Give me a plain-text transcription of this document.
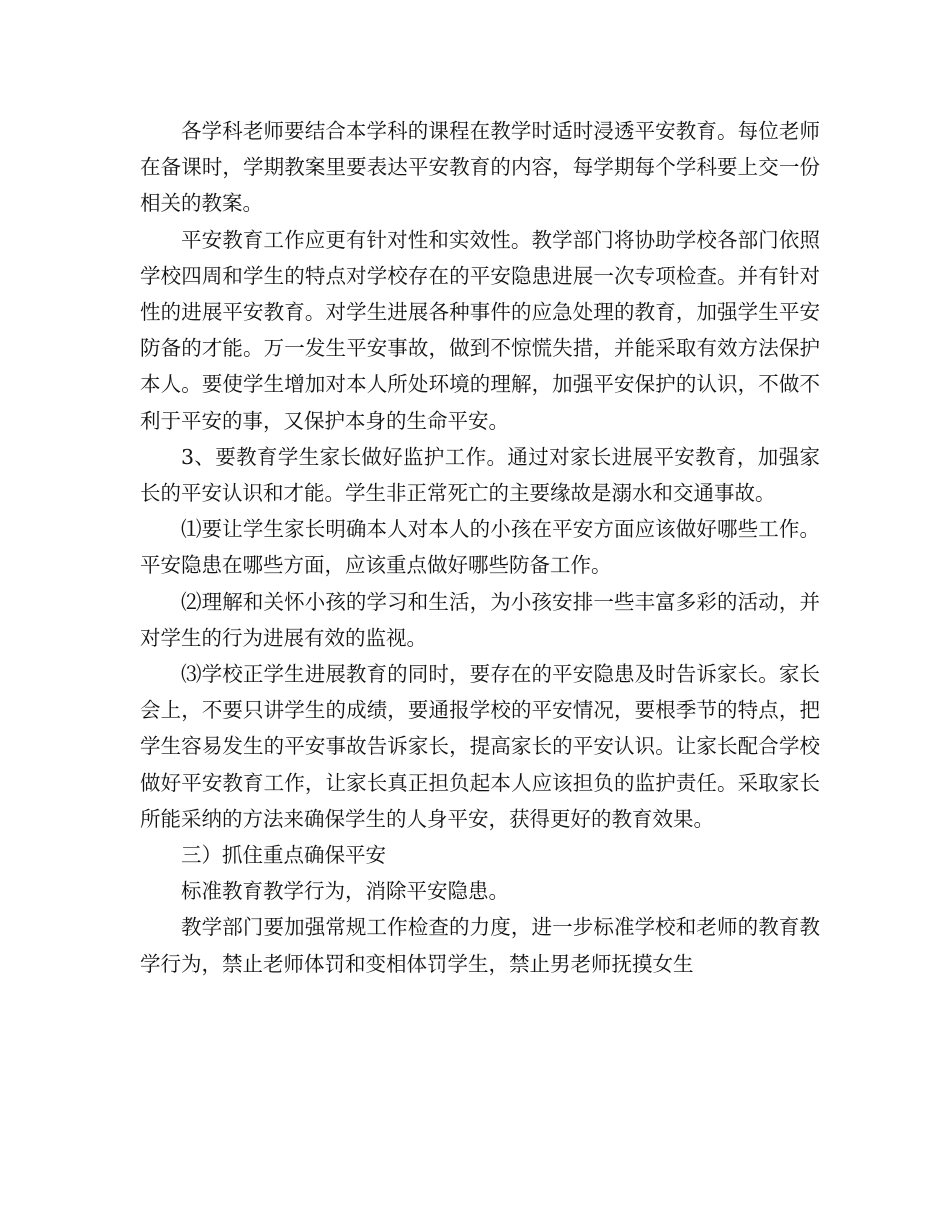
各学科老师要结合本学科的课程在教学时适时浸透平安教育。每位老师在备课时，学期教案里要表达平安教育的内容，每学期每个学科要上交一份相关的教案。

平安教育工作应更有针对性和实效性。教学部门将协助学校各部门依照学校四周和学生的特点对学校存在的平安隐患进展一次专项检查。并有针对性的进展平安教育。对学生进展各种事件的应急处理的教育，加强学生平安防备的才能。万一发生平安事故，做到不惊慌失措，并能采取有效方法保护本人。要使学生增加对本人所处环境的理解，加强平安保护的认识，不做不利于平安的事，又保护本身的生命平安。

3、要教育学生家长做好监护工作。通过对家长进展平安教育，加强家长的平安认识和才能。学生非正常死亡的主要缘故是溺水和交通事故。

⑴要让学生家长明确本人对本人的小孩在平安方面应该做好哪些工作。平安隐患在哪些方面，应该重点做好哪些防备工作。

⑵理解和关怀小孩的学习和生活，为小孩安排一些丰富多彩的活动，并对学生的行为进展有效的监视。

⑶学校正学生进展教育的同时，要存在的平安隐患及时告诉家长。家长会上，不要只讲学生的成绩，要通报学校的平安情况，要根季节的特点，把学生容易发生的平安事故告诉家长，提高家长的平安认识。让家长配合学校做好平安教育工作，让家长真正担负起本人应该担负的监护责任。采取家长所能采纳的方法来确保学生的人身平安，获得更好的教育效果。

三）抓住重点确保平安

标准教育教学行为，消除平安隐患。

教学部门要加强常规工作检查的力度，进一步标准学校和老师的教育教学行为，禁止老师体罚和变相体罚学生，禁止男老师抚摸女生
